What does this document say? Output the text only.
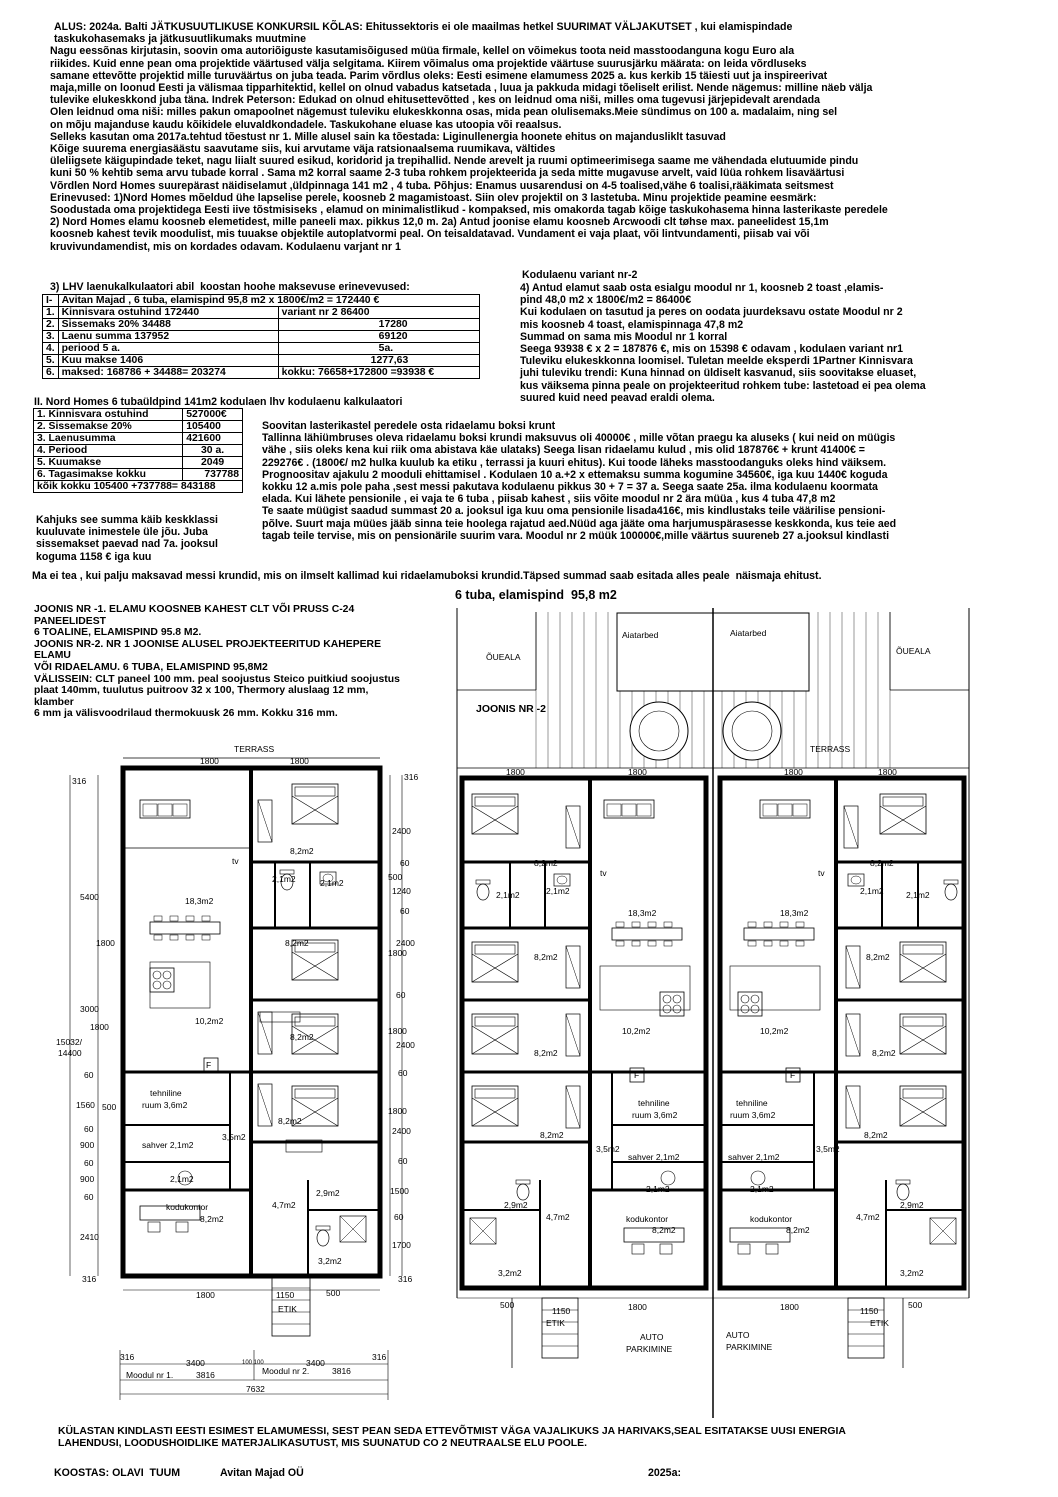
ALUS: 2024a. Balti JÄTKUSUUTLIKUSE KONKURSIL KÕLAS: Ehitussektoris ei ole maailmas hetkel SUURIMAT VÄLJAKUTSET , kui elamispindade
taskukohasemaks ja jätkusuutlikumaks muutmine
Nagu eessõnas kirjutasin, soovin oma autoriõiguste kasutamisõigused müüa firmale, kellel on võimekus toota neid masstoodanguna kogu Euro ala
riikides. Kuid enne pean oma projektide väärtused välja selgitama. Kiirem võimalus oma projektide väärtuse suurusjärku määrata: on leida võrdluseks
samane ettevõtte projektid mille turuväärtus on juba teada. Parim võrdlus oleks: Eesti esimene elamumess 2025 a. kus kerkib 15 täiesti uut ja inspireerivat
maja,mille on loonud Eesti ja välismaa tipparhitektid, kellel on olnud vabadus katsetada , luua ja pakkuda midagi tõeliselt erilist. Nende nägemus: milline näeb välja
tulevike elukeskkond juba täna. Indrek Peterson: Edukad on olnud ehitusettevõtted , kes on leidnud oma niši, milles oma tugevusi järjepidevalt arendada
Olen leidnud oma niši: milles pakun omapoolnet nägemust tuleviku elukeskkonna osas, mida pean olulisemaks.Meie sündimus on 100 a. madalaim, ning sel
on mõju majanduse kaudu kõikidele eluvaldkondadele. Taskukohane eluase kas utoopia või reaalsus.
Selleks kasutan oma 2017a.tehtud tõestust nr 1. Mille alusel sain ka tõestada: Liginullenergia hoonete ehitus on majandusliklt tasuvad
Kõige suurema energiasäästu saavutame siis, kui arvutame väja ratsionaalsema ruumikava, vältides
üleliigsete käigupindade teket, nagu liialt suured esikud, koridorid ja trepihallid. Nende arevelt ja ruumi optimeerimisega saame me vähendada elutuumide pindu
kuni 50 % kehtib sema arvu tubade korral . Sama m2 korral saame 2-3 tuba rohkem projekteerida ja seda mitte mugavuse arvelt, vaid lüüa rohkem lisaväärtusi
Võrdlen Nord Homes suurepärast näidiselamut ,üldpinnaga 141 m2 , 4 tuba. Põhjus: Enamus uusarendusi on 4-5 toalised,vähe 6 toalisi,rääkimata seitsmest
Erinevused: 1)Nord Homes mõeldud ühe lapselise perele, koosneb 2 magamistoast. Siin olev projektil on 3 lastetuba. Minu projektide peamine eesmärk:
Soodustada oma projektidega Eesti iive tõstmisiseks , elamud on minimalistlikud - kompaksed, mis omakorda tagab kõige taskukohasema hinna lasterikaste peredele
2) Nord Homes elamu koosneb elemetidest, mille paneeli max. pikkus 12,0 m. 2a) Antud joonise elamu koosneb Arcwoodi clt tøhse max. paneelidest 15,1m
koosneb kahest tevik moodulist, mis tuuakse objektile autoplatvormi peal. On teisaldatavad. Vundament ei vaja plaat, või lintvundamenti, piisab vai või
kruvivundamendist, mis on kordades odavam. Kodulaenu varjant nr 1
Kodulaenu variant nr-2
3) LHV laenukalkulaatori abil  koostan hoohe maksevuse erinevevused:
I-	Avitan Majad , 6 tuba, elamispind 95,8 m2 x 1800€/m2 = 172440 €	
1.	Kinnisvara ostuhind 172440	variant nr 2 86400
2.	Sissemaks 20% 34488	17280
3.	Laenu summa 137952	69120
4.	periood 5 a.	5a.
5.	Kuu makse 1406	1277,63
6.	maksed: 168786 + 34488= 203274	kokku: 76658+172800 =93938 €
4) Antud elamut saab osta esialgu moodul nr 1, koosneb 2 toast ,elamis-
pind 48,0 m2 x 1800€/m2 = 86400€
Kui kodulaen on tasutud ja peres on oodata juurdeksavu ostate Moodul nr 2
mis koosneb 4 toast, elamispinnaga 47,8 m2
Summad on sama mis Moodul nr 1 korral
Seega 93938 € x 2 = 187876 €, mis on 15398 € odavam , kodulaen variant nr1
Tuleviku elukeskkonna loomisel. Tuletan meelde eksperdi 1Partner Kinnisvara
juhi tuleviku trendi: Kuna hinnad on üldiselt kasvanud, siis soovitakse eluaset,
kus väiksema pinna peale on projekteeritud rohkem tube: lastetoad ei pea olema
suured kuid need peavad eraldi olema.
II. Nord Homes 6 tubaüldpind 141m2 kodulaen lhv kodulaenu kalkulaatori
1. Kinnisvara ostuhind	527000€
2. Sissemakse 20%	105400
3. Laenusumma	421600
4. Periood	30 a.
5. Kuumakse	2049
6. Tagasimakse kokku	737788
kõik kokku 105400 +737788= 843188	
Kahjuks see summa käib keskklassi
kuuluvate inimestele üle jõu. Juba
sissemakset paevad nad 7a. jooksul
koguma 1158 € iga kuu
Soovitan lasterikastel peredele osta ridaelamu boksi krunt
Tallinna lähiümbruses oleva ridaelamu boksi krundi maksuvus oli 40000€ , mille võtan praegu ka aluseks ( kui neid on müügis
vähe , siis oleks kena kui riik oma abistava käe ulataks) Seega lisan ridaelamu kulud , mis olid 187876€ + krunt 41400€ =
229276€ . (1800€/ m2 hulka kuulub ka etiku , terrassi ja kuuri ehitus). Kui toode läheks masstoodanguks oleks hind väiksem.
Prognoositav ajakulu 2 mooduli ehittamisel . Kodulaen 10 a.+2 x ettemaksu summa kogumine 34560€, iga kuu 1440€ koguda
kokku 12 a.mis pole paha ,sest messi pakutava kodulaenu pikkus 30 + 7 = 37 a. Seega saate 25a. ilma kodulaenu koormata
elada. Kui lähete pensionile , ei vaja te 6 tuba , piisab kahest , siis võite moodul nr 2 ära müüa , kus 4 tuba 47,8 m2
Te saate müügist saadud summast 20 a. jooksul iga kuu oma pensionile lisada416€, mis kindlustaks teile väärilise pensioni-
põlve. Suurt maja müües jääb sinna teie hoolega rajatud aed.Nüüd aga jääte oma harjumuspärasesse keskkonda, kus teie aed
tagab teile tervise, mis on pensionärile suurim vara. Moodul nr 2 müük 100000€,mille väärtus suureneb 27 a.jooksul kindlasti
Ma ei tea , kui palju maksavad messi krundid, mis on ilmselt kallimad kui ridaelamuboksi krundid.Täpsed summad saab esitada alles peale  näismaja ehitust.
6 tuba, elamispind  95,8 m2
JOONIS NR -1. ELAMU KOOSNEB KAHEST CLT VÕI PRUSS C-24
PANEELIDEST
6 TOALINE, ELAMISPIND 95.8 M2.
JOONIS NR-2. NR 1 JOONISE ALUSEL PROJEKTEERITUD KAHEPERE
ELAMU
VÕI RIDAELAMU. 6 TUBA, ELAMISPIND 95,8M2
VÄLISSEIN: CLT paneel 100 mm. peal soojustus Steico puitkiud soojustus
plaat 140mm, tuulutus puitroov 32 x 100, Thermory aluslaag 12 mm,
klamber
6 mm ja välisvoodrilaud thermokuusk 26 mm. Kokku 316 mm.
TERRASS
1800	1800
8,2m2
tv
2,1m2	2,1m2
18,3m2
8,2m2
10,2m2
8,2m2
F
tehniline
ruum 3,6m2
8,2m2
3,5m2
sahver 2,1m2
2,1m2
2,9m2
kodukontor
8,2m2
4,7m2
3,2m2
1800	1150	500
ETIK
316
5400
1800
3000
1800
15032/
14400
60
1560 500
60
900
60
900
60
2410
316
316
2400
60
500
1240
60
2400
1800
60
1800
2400
60
1800
2400
60
1500
60
1700
316
316
3400	100 100	3400
316
Moodul nr 1.	3816	Moodul nr 2.	3816
7632
Aiatarbed	Aiatarbed
ÕUEALA
ÕUEALA
JOONIS NR -2
TERRASS
1800	1800	1800	1800
8,2m2
tv
2,1m2	2,1m2
18,3m2
8,2m2
10,2m2
8,2m2
F
tehniline
ruum 3,6m2
8,2m2
3,5m2
sahver 2,1m2
2,1m2
2,9m2
4,7m2	kodukontor
8,2m2
3,2m2
8,2m2
tv
2,1m2	2,1m2
18,3m2
8,2m2
10,2m2
8,2m2
F
tehniline
ruum 3,6m2
8,2m2
3,5m2
sahver 2,1m2
2,1m2
2,9m2
4,7m2
kodukontor
8,2m2
3,2m2
500
1150
ETIK
1800	1800	1150
ETIK
500
AUTO
PARKIMINE
AUTO
PARKIMINE
KÜLASTAN KINDLASTI EESTI ESIMEST ELAMUMESSI, SEST PEAN SEDA ETTEVÕTMIST VÄGA VAJALIKUKS JA HARIVAKS,SEAL ESITATAKSE UUSI ENERGIA
LAHENDUSI, LOODUSHOIDLIKE MATERJALIKASUTUST, MIS SUUNATUD CO 2 NEUTRAALSE ELU POOLE.
KOOSTAS: OLAVI  TUUM	Avitan Majad OÜ	2025a:
